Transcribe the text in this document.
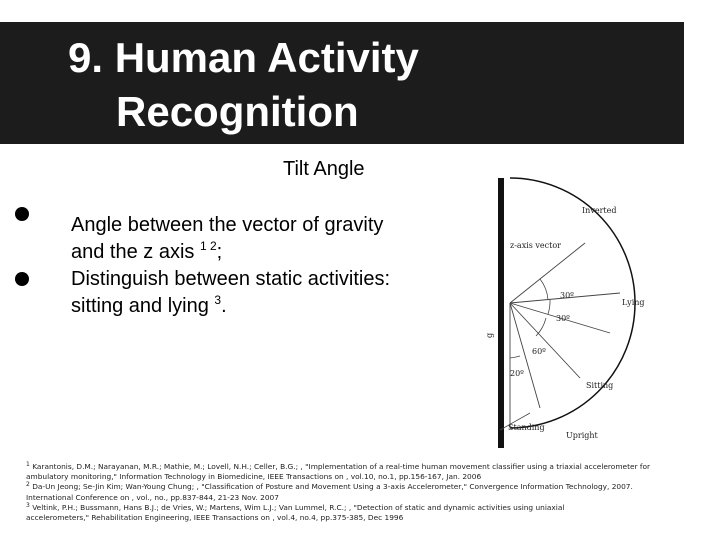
9. Human Activity
Recognition
Tilt Angle
Angle between the vector of gravity
and the z axis $^{1 2}$;
Distinguish between static activities:
sitting and lying $^3$.
Inverted
z-axis vector
Lying
Sitting
Standing
Upright
g
30º
30º
60º
20º

$^1$ Karantonis, D.M.; Narayanan, M.R.; Mathie, M.; Lovell, N.H.; Celler, B.G.; , "Implementation of a real-time human movement classifier using a triaxial accelerometer for

ambulatory monitoring," Information Technology in Biomedicine, IEEE Transactions on , vol.10, no.1, pp.156-167, Jan. 2006

$^2$ Da-Un Jeong; Se-Jin Kim; Wan-Young Chung; , "Classification of Posture and Movement Using a 3-axis Accelerometer," Convergence Information Technology, 2007.

International Conference on , vol., no., pp.837-844, 21-23 Nov. 2007

$^3$ Veltink, P.H.; Bussmann, Hans B.J.; de Vries, W.; Martens, Wim L.J.; Van Lummel, R.C.; , "Detection of static and dynamic activities using uniaxial

accelerometers," Rehabilitation Engineering, IEEE Transactions on , vol.4, no.4, pp.375-385, Dec 1996
